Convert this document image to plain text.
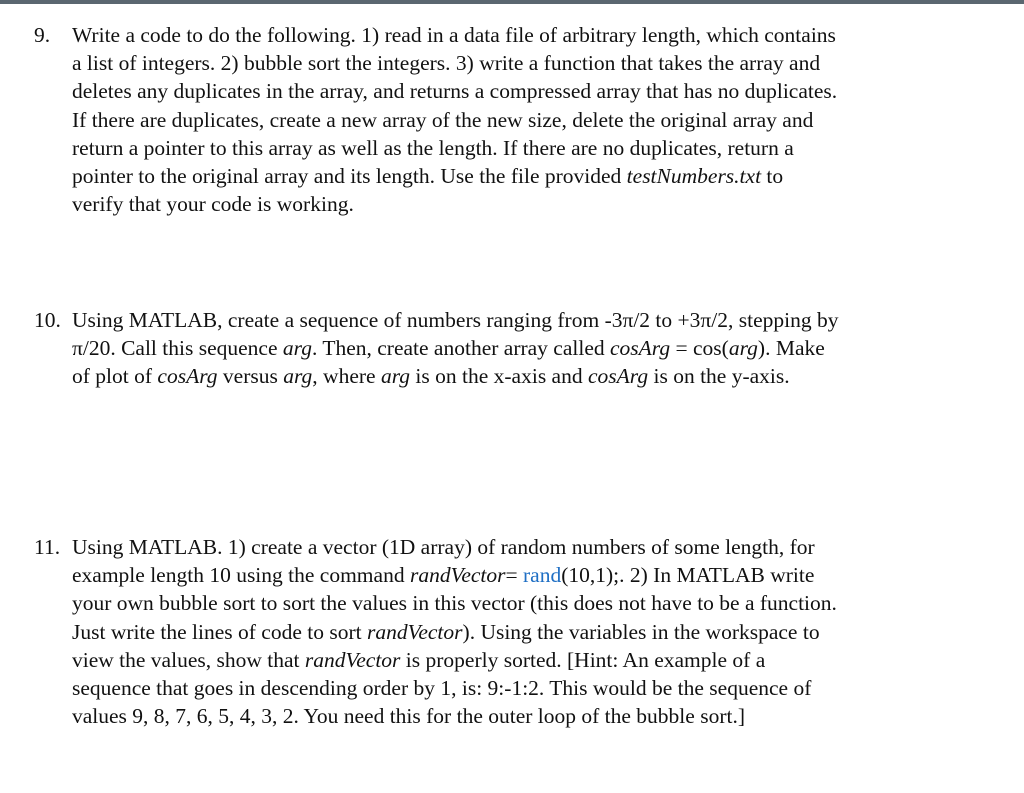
9. Write a code to do the following. 1) read in a data file of arbitrary length, which contains
a list of integers. 2) bubble sort the integers. 3) write a function that takes the array and
deletes any duplicates in the array, and returns a compressed array that has no duplicates.
If there are duplicates, create a new array of the new size, delete the original array and
return a pointer to this array as well as the length. If there are no duplicates, return a
pointer to the original array and its length. Use the file provided testNumbers.txt to
verify that your code is working.
10. Using MATLAB, create a sequence of numbers ranging from -3π/2 to +3π/2, stepping by
π/20. Call this sequence arg. Then, create another array called cosArg = cos(arg). Make
of plot of cosArg versus arg, where arg is on the x-axis and cosArg is on the y-axis.
11. Using MATLAB. 1) create a vector (1D array) of random numbers of some length, for
example length 10 using the command randVector= rand(10,1);. 2) In MATLAB write
your own bubble sort to sort the values in this vector (this does not have to be a function.
Just write the lines of code to sort randVector). Using the variables in the workspace to
view the values, show that randVector is properly sorted. [Hint: An example of a
sequence that goes in descending order by 1, is: 9:-1:2. This would be the sequence of
values 9, 8, 7, 6, 5, 4, 3, 2. You need this for the outer loop of the bubble sort.]
